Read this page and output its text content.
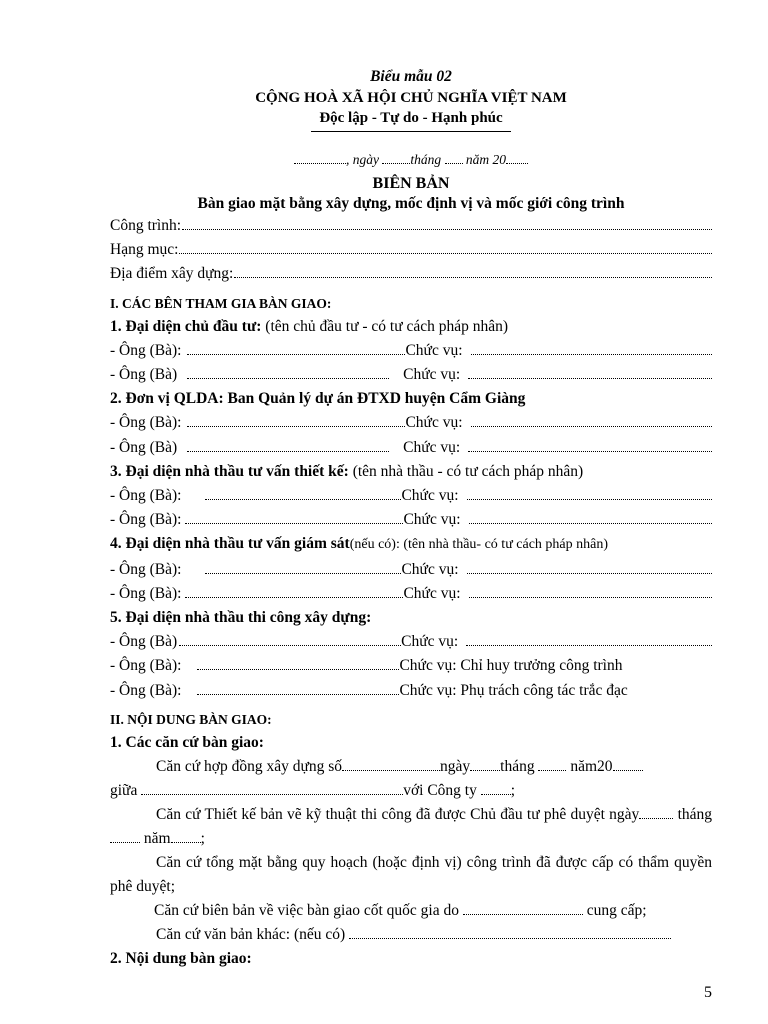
Biểu mẫu 02
CỘNG HOÀ XÃ HỘI CHỦ NGHĨA VIỆT NAM
Độc lập - Tự do - Hạnh phúc
, ngày tháng năm 20
BIÊN BẢN
Bàn giao mặt bằng xây dựng, mốc định vị và mốc giới công trình
Công trình:
Hạng mục:
Địa điểm xây dựng:
I. CÁC BÊN THAM GIA BÀN GIAO:
1. Đại diện chủ đầu tư: (tên chủ đầu tư - có tư cách pháp nhân)
- Ông (Bà):	Chức vụ:
- Ông (Bà)	Chức vụ:
2. Đơn vị QLDA: Ban Quản lý dự án ĐTXD huyện Cẩm Giàng
- Ông (Bà):	Chức vụ:
- Ông (Bà)	Chức vụ:
3. Đại diện nhà thầu tư vấn thiết kế: (tên nhà thầu - có tư cách pháp nhân)
- Ông (Bà):	Chức vụ:
- Ông (Bà):	Chức vụ:
4. Đại diện nhà thầu tư vấn giám sát(nếu có): (tên nhà thầu- có tư cách pháp nhân)
- Ông (Bà):	Chức vụ:
- Ông (Bà):	Chức vụ:
5. Đại diện nhà thầu thi công xây dựng:
- Ông (Bà)	Chức vụ:
- Ông (Bà):	Chức vụ: Chỉ huy trưởng công trình
- Ông (Bà):	Chức vụ: Phụ trách công tác trắc đạc
II. NỘI DUNG BÀN GIAO:
1. Các căn cứ bàn giao:
Căn cứ hợp đồng xây dựng số	ngày tháng năm20
giữa	với Công ty ;
Căn cứ Thiết kế bản vẽ kỹ thuật thi công đã được Chủ đầu tư phê duyệt ngày tháng năm ;
Căn cứ tổng mặt bằng quy hoạch (hoặc định vị) công trình đã được cấp có thẩm quyền phê duyệt;
Căn cứ biên bản về việc bàn giao cốt quốc gia do	cung cấp;
Căn cứ văn bản khác: (nếu có)
2. Nội dung bàn giao:
5
